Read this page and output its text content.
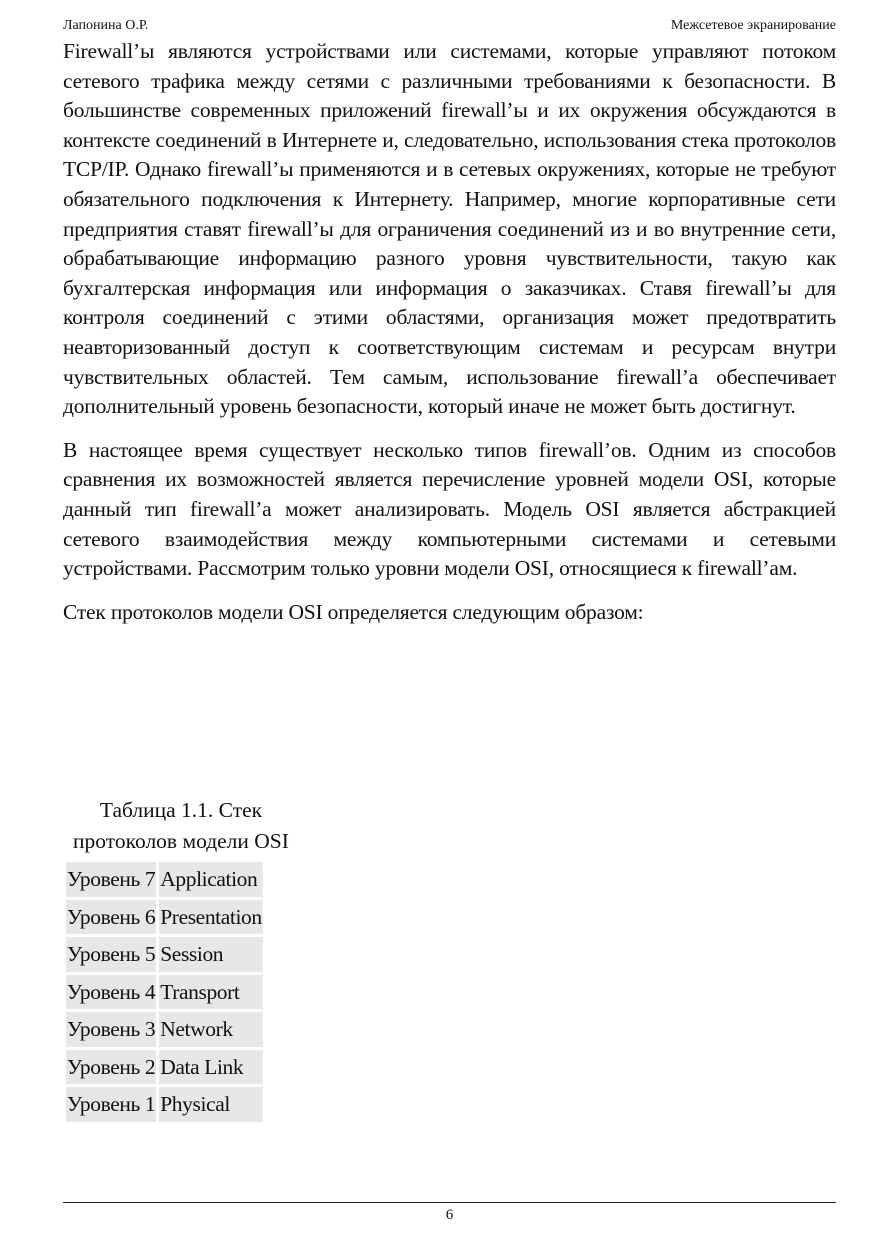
Лапонина О.Р.	Межсетевое экранирование

Firewall’ы являются устройствами или системами, которые управляют потоком сетевого трафика между сетями с различными требованиями к безопасности. В большинстве современных приложений firewall’ы и их окружения обсуждаются в контексте соединений в Интернете и, следовательно, использования стека протоколов TCP/IP. Однако firewall’ы применяются и в сетевых окружениях, которые не требуют обязательного подключения к Интернету. Например, многие корпоративные сети предприятия ставят firewall’ы для ограничения соединений из и во внутренние сети, обрабатывающие информацию разного уровня чувствительности, такую как бухгалтерская информация или информация о заказчиках. Ставя firewall’ы для контроля соединений с этими областями, организация может предотвратить неавторизованный доступ к соответствующим системам и ресурсам внутри чувствительных областей. Тем самым, использование firewall’a обеспечивает дополнительный уровень безопасности, который иначе не может быть достигнут.

В настоящее время существует несколько типов firewall’ов. Одним из способов сравнения их возможностей является перечисление уровней модели OSI, которые данный тип firewall’а может анализировать. Модель OSI является абстракцией сетевого взаимодействия между компьютерными системами и сетевыми устройствами. Рассмотрим только уровни модели OSI, относящиеся к firewall’ам.

Стек протоколов модели OSI определяется следующим образом:

Таблица 1.1. Стек протоколов модели OSI
Уровень 7	Application
Уровень 6	Presentation
Уровень 5	Session
Уровень 4	Transport
Уровень 3	Network
Уровень 2	Data Link
Уровень 1	Physical
6
